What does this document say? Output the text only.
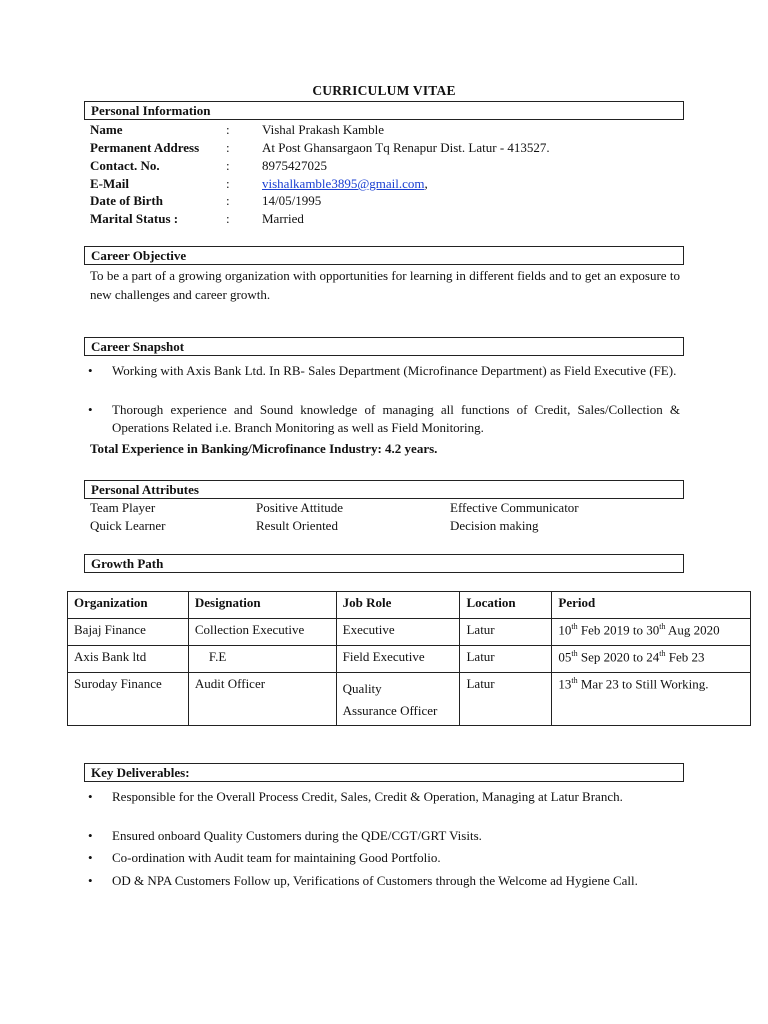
CURRICULUM VITAE
Personal Information
Name	: Vishal Prakash Kamble
Permanent Address : At Post Ghansargaon Tq Renapur Dist. Latur - 413527.
Contact. No.	: 8975427025
E-Mail	: vishalkamble3895@gmail.com,
Date of Birth	: 14/05/1995
Marital Status :	: Married
Career Objective
To be a part of a growing organization with opportunities for learning in different fields and to get an exposure to new challenges and career growth.
Career Snapshot
• Working with Axis Bank Ltd. In RB- Sales Department (Microfinance Department) as Field Executive (FE).
• Thorough experience and Sound knowledge of managing all functions of Credit, Sales/Collection & Operations Related i.e. Branch Monitoring as well as Field Monitoring.
Total Experience in Banking/Microfinance Industry: 4.2 years.
Personal Attributes
Team Player	Positive Attitude	Effective Communicator
Quick Learner	Result Oriented	Decision making
Growth Path
Organization	Designation	Job Role	Location	Period
Bajaj Finance	Collection Executive	Executive	Latur	10th Feb 2019 to 30th Aug 2020
Axis Bank ltd	F.E	Field Executive	Latur	05th Sep 2020 to 24th Feb 23
Suroday Finance	Audit Officer	Quality
Assurance Officer	Latur	13th Mar 23 to Still Working.
Key Deliverables:
• Responsible for the Overall Process Credit, Sales, Credit & Operation, Managing at Latur Branch.
• Ensured onboard Quality Customers during the QDE/CGT/GRT Visits.
• Co-ordination with Audit team for maintaining Good Portfolio.
• OD & NPA Customers Follow up, Verifications of Customers through the Welcome ad Hygiene Call.
